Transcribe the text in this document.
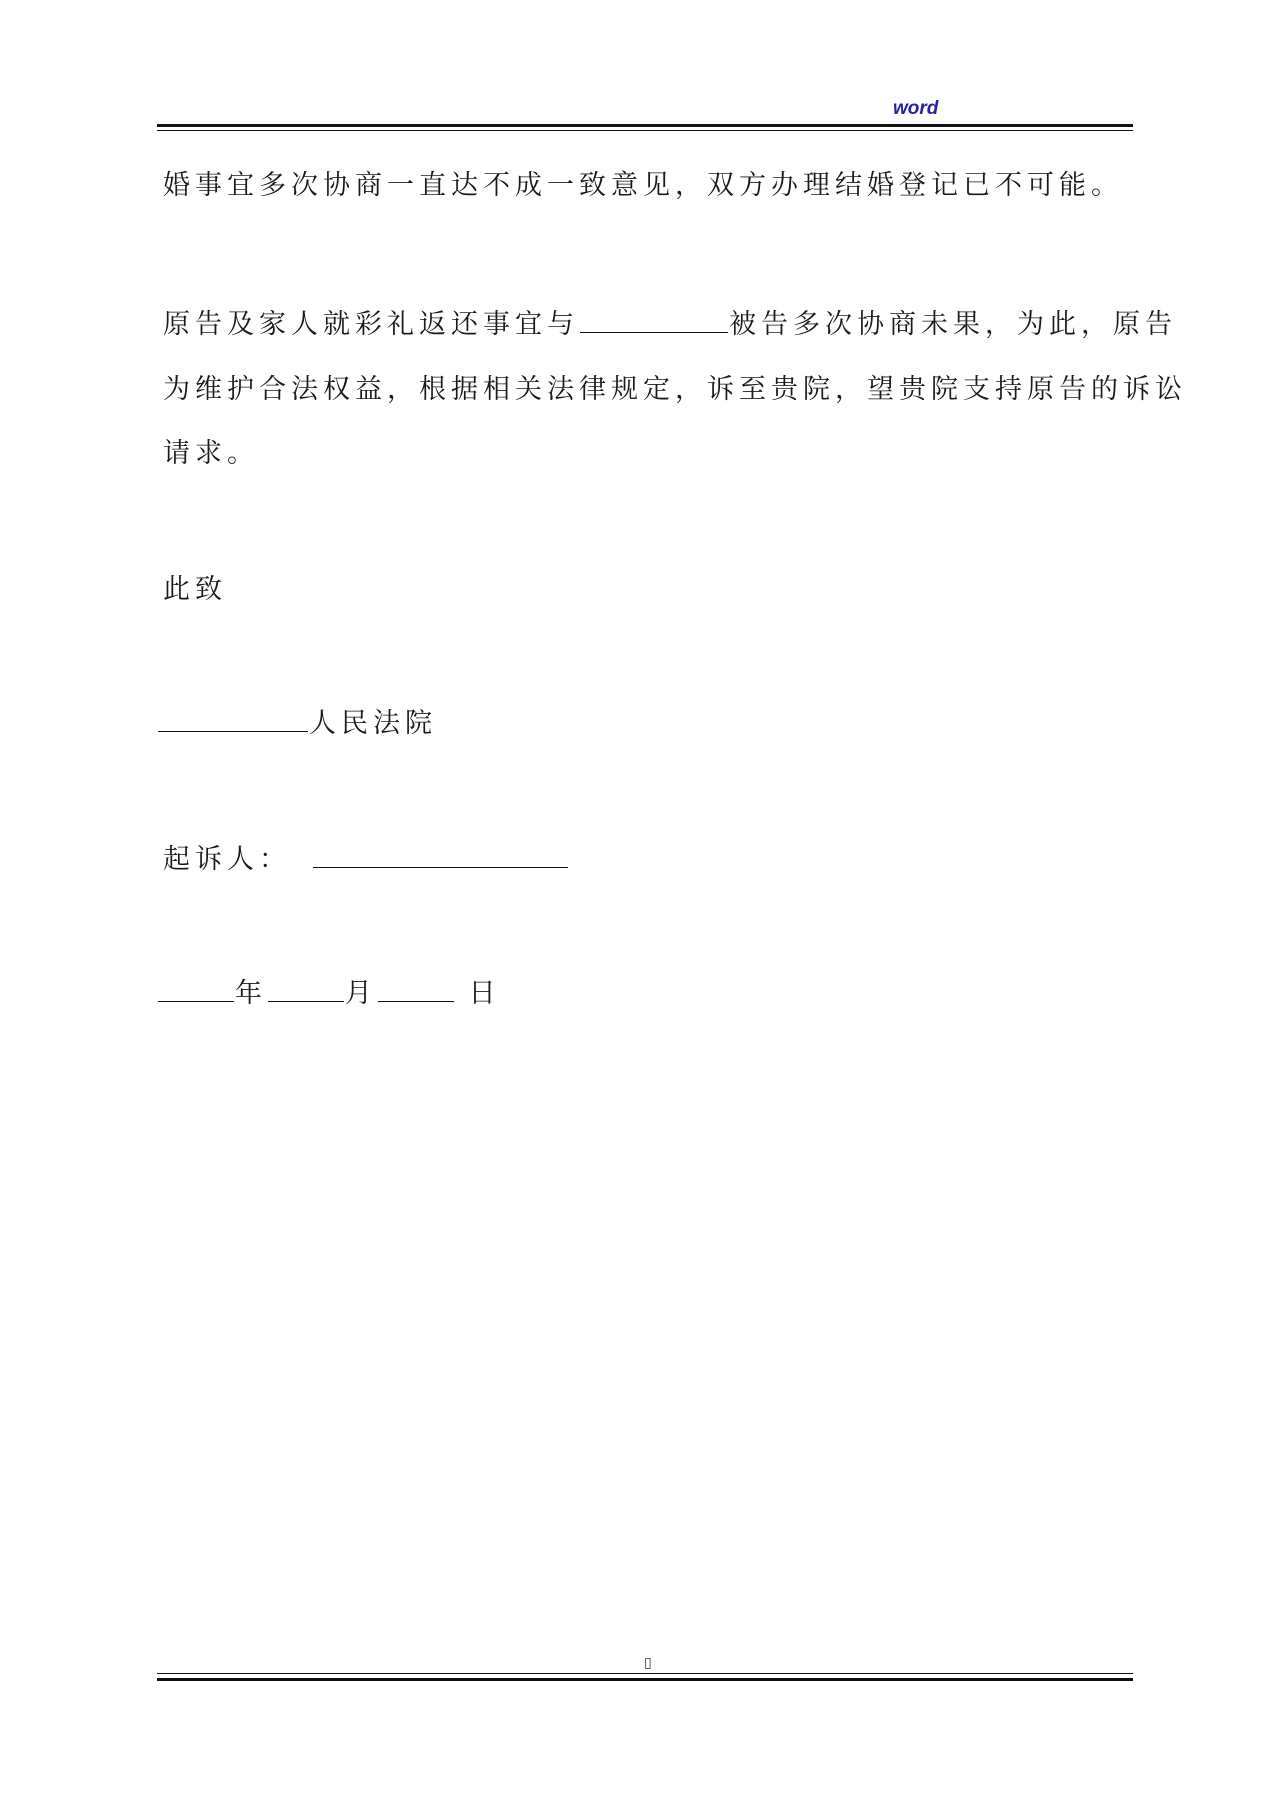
word
婚事宜多次协商一直达不成一致意见，双方办理结婚登记已不可能。
原告及家人就彩礼返还事宜与	被告多次协商未果，为此，原告
为维护合法权益，根据相关法律规定，诉至贵院，望贵院支持原告的诉讼
请求。
此致
人民法院
起诉人：
年	月	日
▯
